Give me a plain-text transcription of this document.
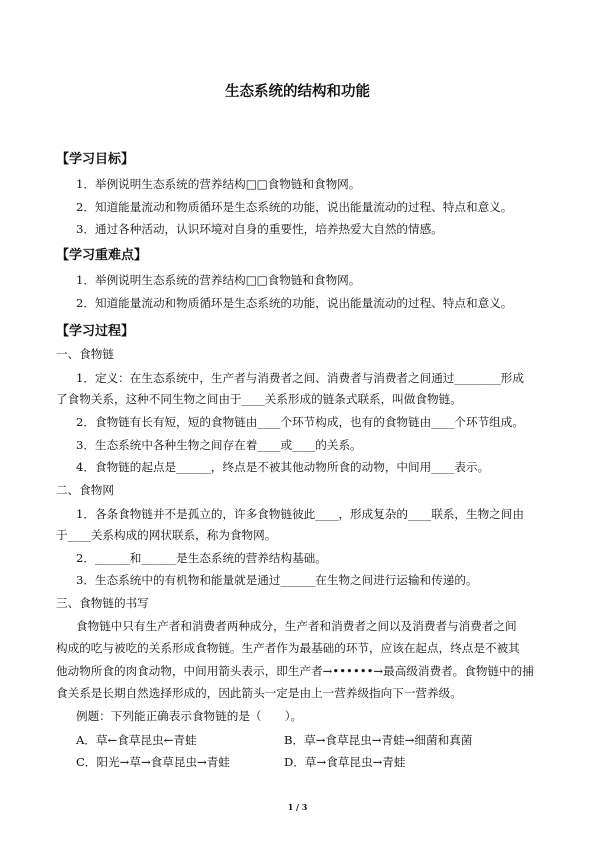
生态系统的结构和功能
【学习目标】
1．举例说明生态系统的营养结构□□食物链和食物网。
2．知道能量流动和物质循环是生态系统的功能，说出能量流动的过程、特点和意义。
3．通过各种活动，认识环境对自身的重要性，培养热爱大自然的情感。
【学习重难点】
1．举例说明生态系统的营养结构□□食物链和食物网。
2．知道能量流动和物质循环是生态系统的功能，说出能量流动的过程、特点和意义。
【学习过程】
一、食物链
1．定义：在生态系统中，生产者与消费者之间、消费者与消费者之间通过________形成
了食物关系，这种不同生物之间由于____关系形成的链条式联系，叫做食物链。
2．食物链有长有短，短的食物链由____个环节构成，也有的食物链由____个环节组成。
3．生态系统中各种生物之间存在着____或____的关系。
4．食物链的起点是______，终点是不被其他动物所食的动物，中间用____表示。
二、食物网
1．各条食物链并不是孤立的，许多食物链彼此____，形成复杂的____联系，生物之间由
于____关系构成的网状联系，称为食物网。
2．______和______是生态系统的营养结构基础。
3．生态系统中的有机物和能量就是通过______在生物之间进行运输和传递的。
三、食物链的书写
食物链中只有生产者和消费者两种成分，生产者和消费者之间以及消费者与消费者之间
构成的吃与被吃的关系形成食物链。生产者作为最基础的环节，应该在起点，终点是不被其
他动物所食的肉食动物，中间用箭头表示，即生产者→••••••→最高级消费者。食物链中的捕
食关系是长期自然选择形成的，因此箭头一定是由上一营养级指向下一营养级。
例题：下列能正确表示食物链的是（　　）。
A．草←食草昆虫←青蛙	B．草→食草昆虫→青蛙→细菌和真菌
C．阳光→草→食草昆虫→青蛙	D．草→食草昆虫→青蛙
1 / 3
